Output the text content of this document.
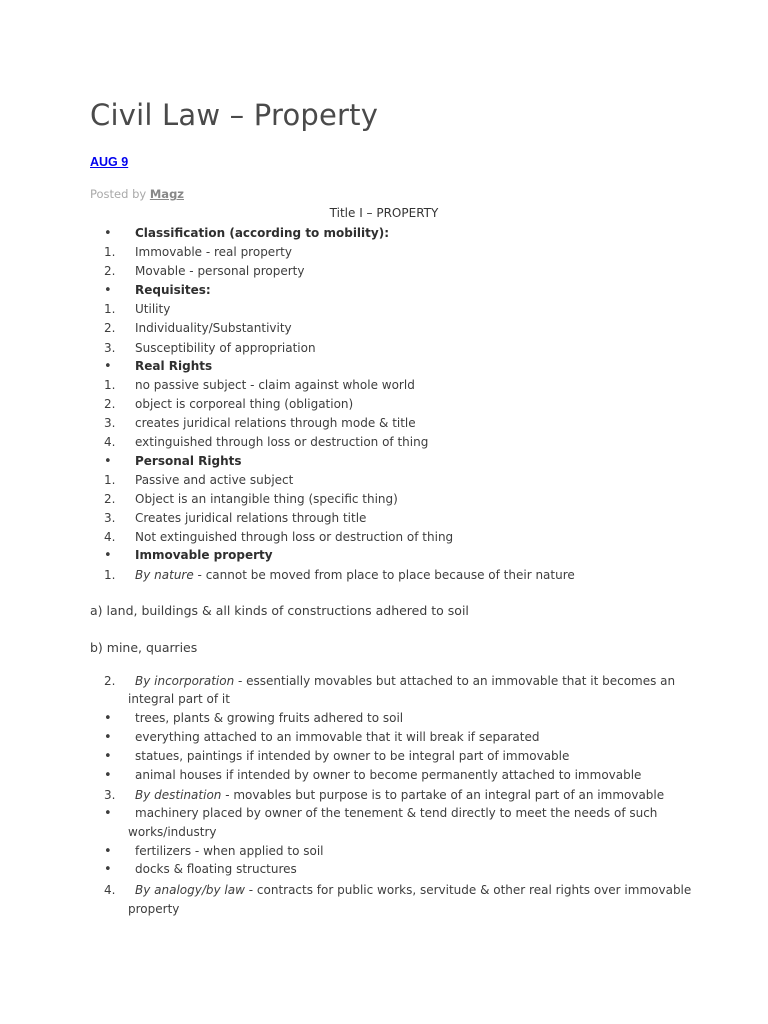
Civil Law – Property
AUG 9
Posted by Magz
Title I – PROPERTY
•	Classification (according to mobility):
1.	Immovable - real property
2.	Movable - personal property
•	Requisites:
1.	Utility
2.	Individuality/Substantivity
3.	Susceptibility of appropriation
•	Real Rights
1.	no passive subject - claim against whole world
2.	object is corporeal thing (obligation)
3.	creates juridical relations through mode & title
4.	extinguished through loss or destruction of thing
•	Personal Rights
1.	Passive and active subject
2.	Object is an intangible thing (specific thing)
3.	Creates juridical relations through title
4.	Not extinguished through loss or destruction of thing
•	Immovable property
1.	By nature - cannot be moved from place to place because of their nature
a) land, buildings & all kinds of constructions adhered to soil
b) mine, quarries
2.	By incorporation - essentially movables but attached to an immovable that it becomes an
integral part of it
•	trees, plants & growing fruits adhered to soil
•	everything attached to an immovable that it will break if separated
•	statues, paintings if intended by owner to be integral part of immovable
•	animal houses if intended by owner to become permanently attached to immovable
3.	By destination - movables but purpose is to partake of an integral part of an immovable
•	machinery placed by owner of the tenement & tend directly to meet the needs of such
works/industry
•	fertilizers - when applied to soil
•	docks & floating structures
4.	By analogy/by law - contracts for public works, servitude & other real rights over immovable
property
